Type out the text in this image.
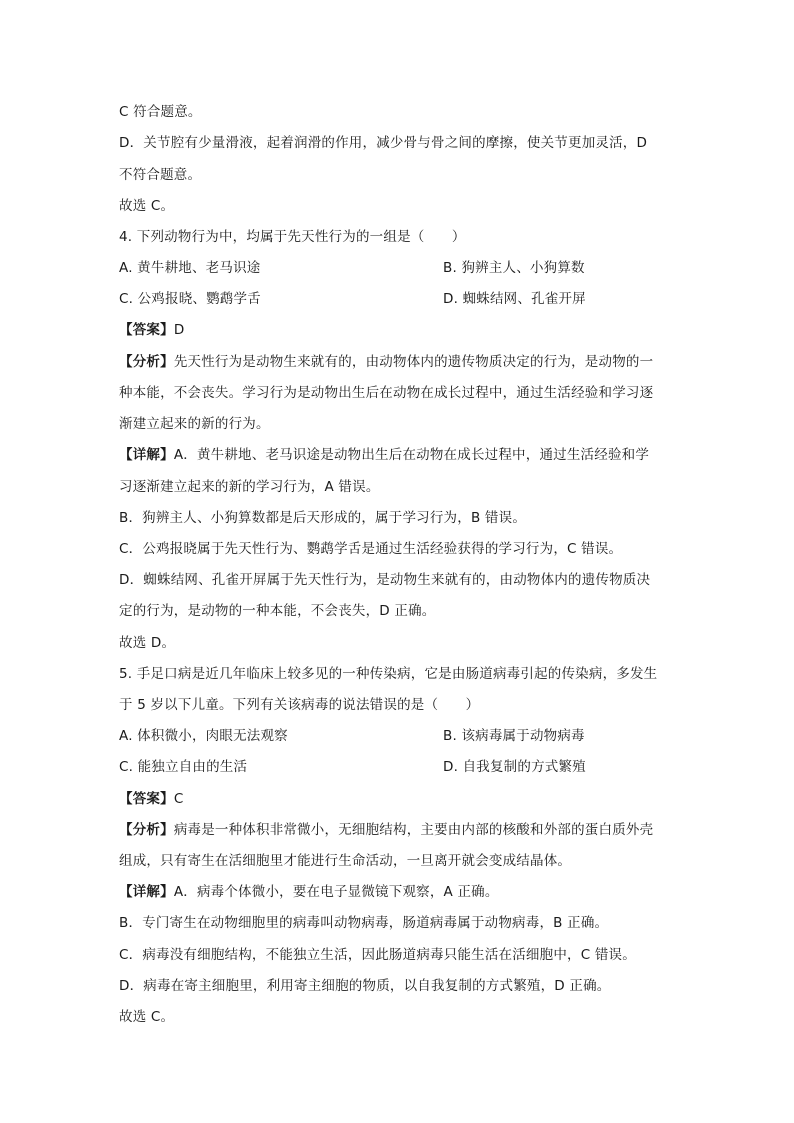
C 符合题意。
D．关节腔有少量滑液，起着润滑的作用，减少骨与骨之间的摩擦，使关节更加灵活，D
不符合题意。
故选 C。
4. 下列动物行为中，均属于先天性行为的一组是（　　）
A. 黄牛耕地、老马识途	B. 狗辨主人、小狗算数
C. 公鸡报晓、鹦鹉学舌	D. 蜘蛛结网、孔雀开屏
【答案】D
【分析】先天性行为是动物生来就有的，由动物体内的遗传物质决定的行为，是动物的一
种本能，不会丧失。学习行为是动物出生后在动物在成长过程中，通过生活经验和学习逐
渐建立起来的新的行为。
【详解】A．黄牛耕地、老马识途是动物出生后在动物在成长过程中，通过生活经验和学
习逐渐建立起来的新的学习行为，A 错误。
B．狗辨主人、小狗算数都是后天形成的，属于学习行为，B 错误。
C．公鸡报晓属于先天性行为、鹦鹉学舌是通过生活经验获得的学习行为，C 错误。
D．蜘蛛结网、孔雀开屏属于先天性行为，是动物生来就有的，由动物体内的遗传物质决
定的行为，是动物的一种本能，不会丧失，D 正确。
故选 D。
5. 手足口病是近几年临床上较多见的一种传染病，它是由肠道病毒引起的传染病，多发生
于 5 岁以下儿童。下列有关该病毒的说法错误的是（　　）
A. 体积微小，肉眼无法观察	B. 该病毒属于动物病毒
C. 能独立自由的生活	D. 自我复制的方式繁殖
【答案】C
【分析】病毒是一种体积非常微小，无细胞结构，主要由内部的核酸和外部的蛋白质外壳
组成，只有寄生在活细胞里才能进行生命活动，一旦离开就会变成结晶体。
【详解】A．病毒个体微小，要在电子显微镜下观察，A 正确。
B．专门寄生在动物细胞里的病毒叫动物病毒，肠道病毒属于动物病毒，B 正确。
C．病毒没有细胞结构，不能独立生活，因此肠道病毒只能生活在活细胞中，C 错误。
D．病毒在寄主细胞里，利用寄主细胞的物质，以自我复制的方式繁殖，D 正确。
故选 C。
